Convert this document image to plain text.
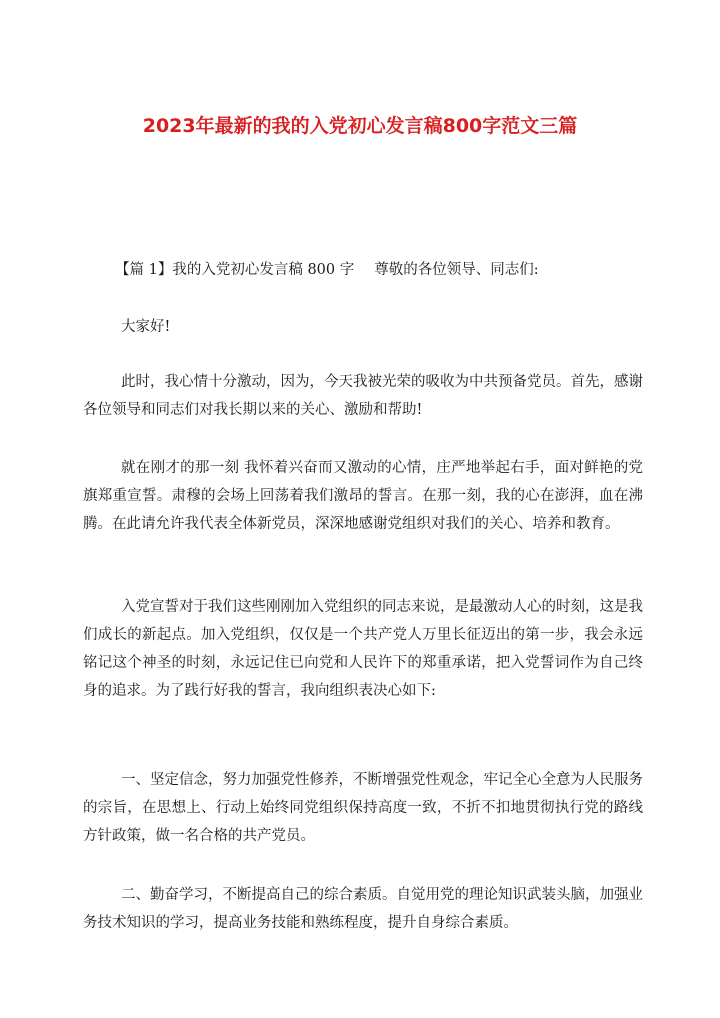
2023年最新的我的入党初心发言稿800字范文三篇

【篇 1】我的入党初心发言稿 800 字 尊敬的各位领导、同志们:

大家好!

此时，我心情十分激动，因为，今天我被光荣的吸收为中共预备党员。首先，感谢各位领导和同志们对我长期以来的关心、激励和帮助!

就在刚才的那一刻 我怀着兴奋而又激动的心情，庄严地举起右手，面对鲜艳的党旗郑重宣誓。肃穆的会场上回荡着我们激昂的誓言。在那一刻，我的心在澎湃，血在沸腾。在此请允许我代表全体新党员，深深地感谢党组织对我们的关心、培养和教育。

入党宣誓对于我们这些刚刚加入党组织的同志来说，是最激动人心的时刻，这是我们成长的新起点。加入党组织，仅仅是一个共产党人万里长征迈出的第一步，我会永远铭记这个神圣的时刻，永远记住已向党和人民许下的郑重承诺，把入党誓词作为自己终身的追求。为了践行好我的誓言，我向组织表决心如下:

一、坚定信念，努力加强党性修养，不断增强党性观念，牢记全心全意为人民服务的宗旨，在思想上、行动上始终同党组织保持高度一致，不折不扣地贯彻执行党的路线方针政策，做一名合格的共产党员。

二、勤奋学习，不断提高自己的综合素质。自觉用党的理论知识武装头脑，加强业务技术知识的学习，提高业务技能和熟练程度，提升自身综合素质。
